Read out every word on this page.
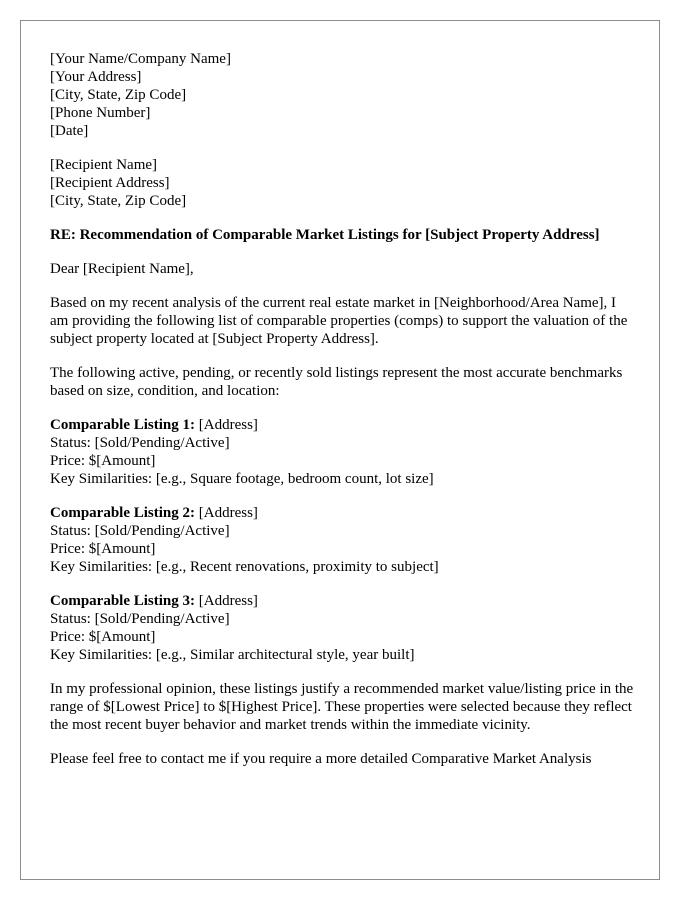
[Your Name/Company Name]
[Your Address]
[City, State, Zip Code]
[Phone Number]
[Date]
[Recipient Name]
[Recipient Address]
[City, State, Zip Code]

RE: Recommendation of Comparable Market Listings for [Subject Property Address]

Dear [Recipient Name],

Based on my recent analysis of the current real estate market in [Neighborhood/Area Name], I am providing the following list of comparable properties (comps) to support the valuation of the subject property located at [Subject Property Address].

The following active, pending, or recently sold listings represent the most accurate benchmarks based on size, condition, and location:

Comparable Listing 1: [Address]
Status: [Sold/Pending/Active]
Price: $[Amount]
Key Similarities: [e.g., Square footage, bedroom count, lot size]
Comparable Listing 2: [Address]
Status: [Sold/Pending/Active]
Price: $[Amount]
Key Similarities: [e.g., Recent renovations, proximity to subject]
Comparable Listing 3: [Address]
Status: [Sold/Pending/Active]
Price: $[Amount]
Key Similarities: [e.g., Similar architectural style, year built]

In my professional opinion, these listings justify a recommended market value/listing price in the range of $[Lowest Price] to $[Highest Price]. These properties were selected because they reflect the most recent buyer behavior and market trends within the immediate vicinity.

Please feel free to contact me if you require a more detailed Comparative Market Analysis
